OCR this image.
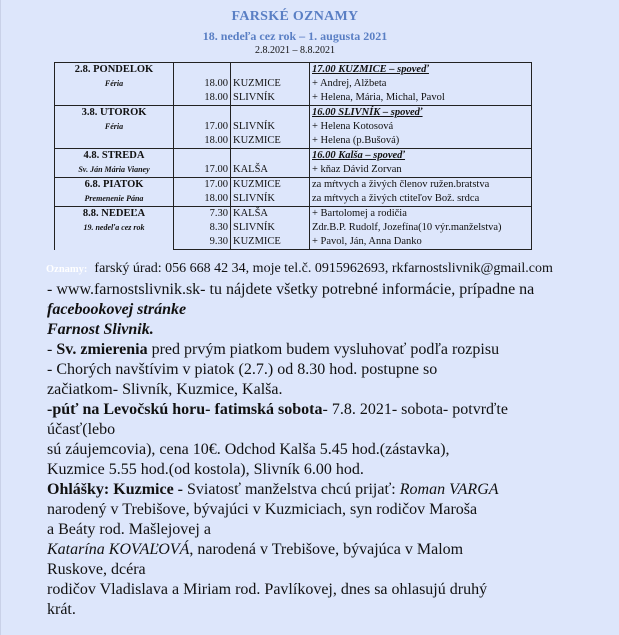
FARSKÉ OZNAMY
18. nedeľa cez rok – 1. augusta 2021
2.8.2021 – 8.8.2021
2.8. PONDELOK
Féria			17.00 KUZMICE – spoveď
	18.00	KUZMICE	+ Andrej, Alžbeta
	18.00	SLIVNÍK	+ Helena, Mária, Michal, Pavol

3.8. UTOROK
Féria			16.00 SLIVNÍK – spoveď
	17.00	SLIVNÍK	+ Helena Kotosová
	18.00	KUZMICE	+ Helena (p.Bušová)

4.8. STREDA
Sv. Ján Mária Vianey			16.00 Kalša – spoveď
	17.00	KALŠA	+ kňaz Dávid Zorvan

6.8. PIATOK
Premenenie Pána	17.00	KUZMICE	za mŕtvych a živých členov ružen.bratstva
	18.00	SLIVNÍK	za mŕtvych a živých ctiteľov Bož. srdca

8.8. NEDEĽA
19. nedeľa cez rok	7.30	KALŠA	+ Bartolomej a rodičia
	8.30	SLIVNÍK	Zdr.B.P. Rudolf, Jozefína(10 výr.manželstva)
	9.30	KUZMICE	+ Pavol, Ján, Anna Danko

Oznamy: farský úrad: 056 668 42 34, moje tel.č. 0915962693, rkfarnostslivnik@gmail.com

- www.farnostslivnik.sk- tu nájdete všetky potrebné informácie, prípadne na

facebookovej stránke

Farnost Slivnik.

- Sv. zmierenia pred prvým piatkom budem vysluhovať podľa rozpisu

- Chorých navštívim v piatok (2.7.) od 8.30 hod. postupne so

začiatkom- Slivník, Kuzmice, Kalša.

-púť na Levočskú horu- fatimská sobota- 7.8. 2021- sobota- potvrďte

účasť(lebo

sú záujemcovia), cena 10€. Odchod Kalša 5.45 hod.(zástavka),

Kuzmice 5.55 hod.(od kostola), Slivník 6.00 hod.

Ohlášky: Kuzmice - Sviatosť manželstva chcú prijať: Roman VARGA

narodený v Trebišove, bývajúci v Kuzmiciach, syn rodičov Maroša

a Beáty rod. Mašlejovej a

Katarína KOVAĽOVÁ, narodená v Trebišove, bývajúca v Malom

Ruskove, dcéra

rodičov Vladislava a Miriam rod. Pavlíkovej, dnes sa ohlasujú druhý

krát.
